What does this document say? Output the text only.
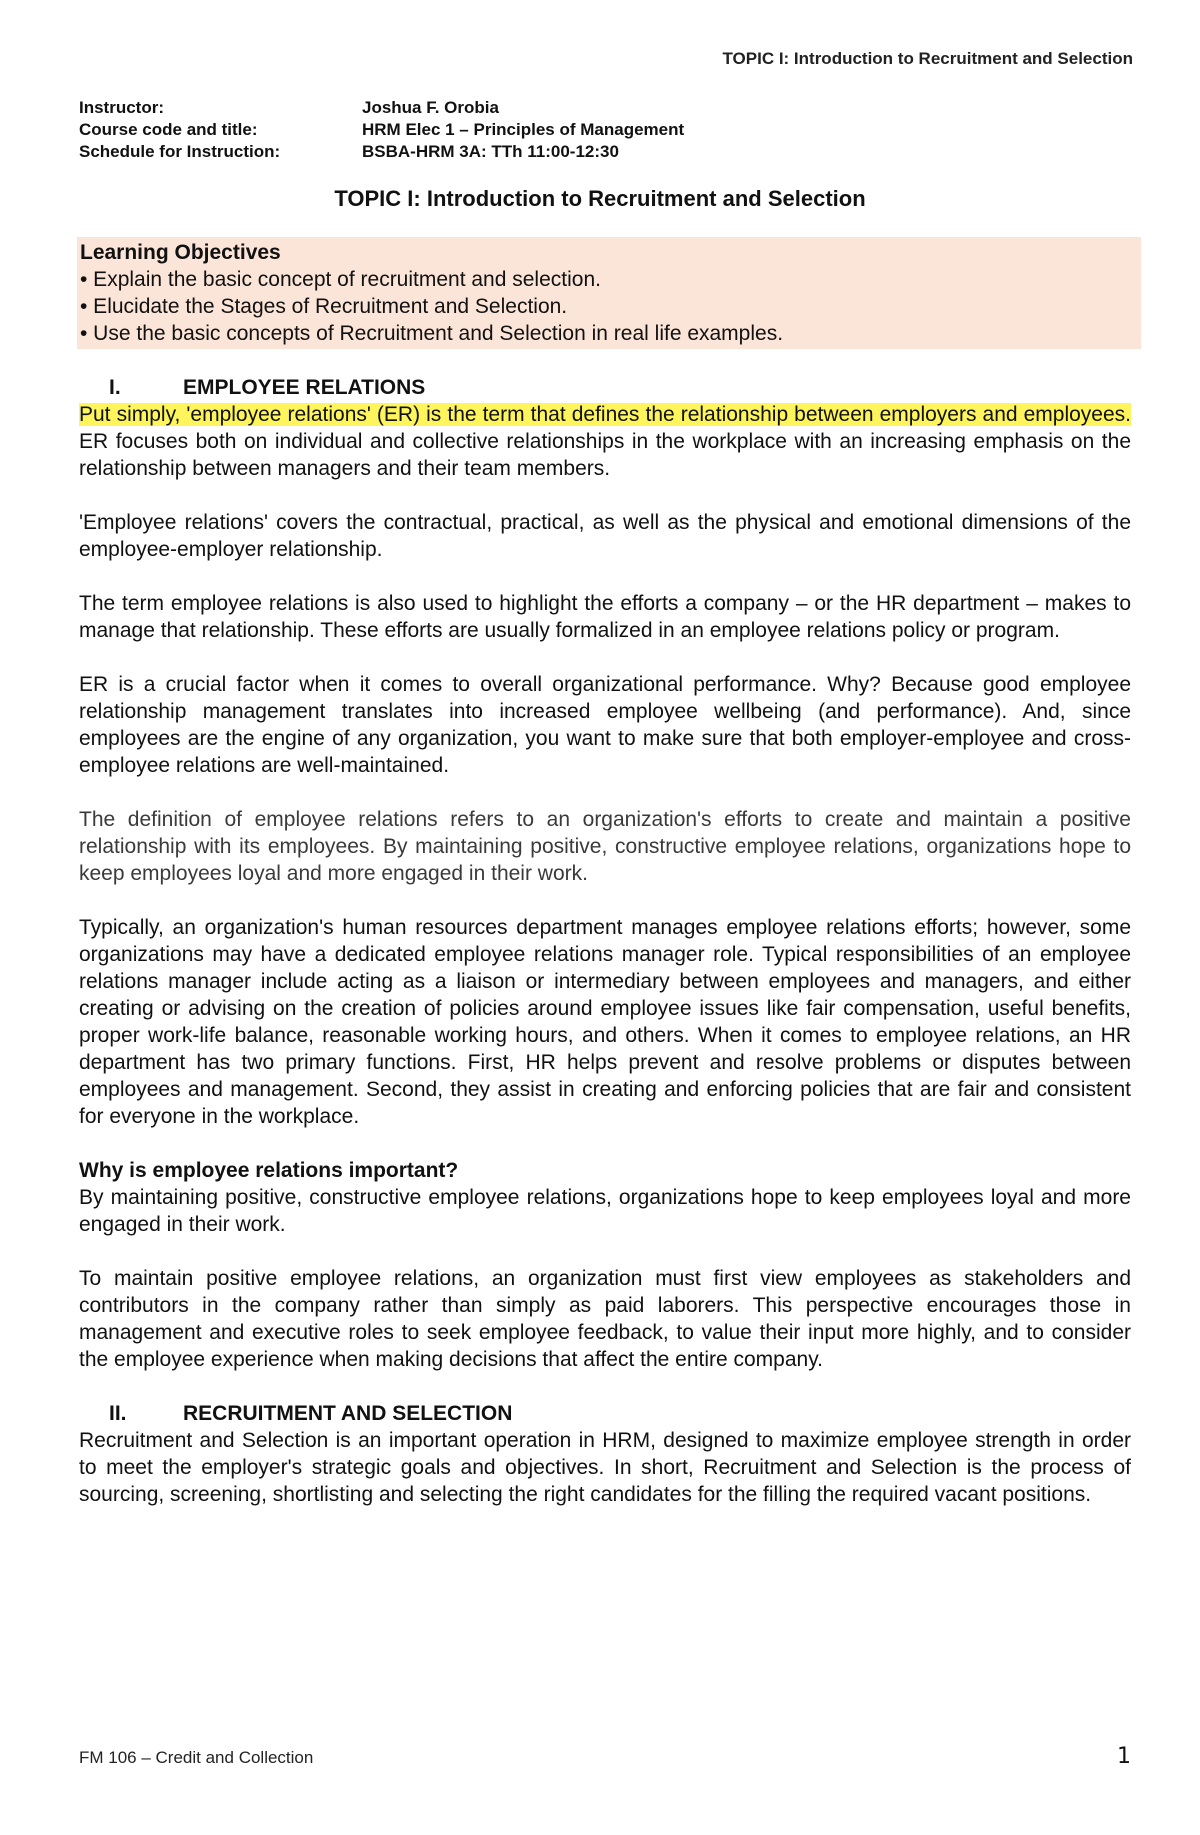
TOPIC I: Introduction to Recruitment and Selection
Instructor:	Joshua F. Orobia
Course code and title:	HRM Elec 1 – Principles of Management
Schedule for Instruction:	BSBA-HRM 3A: TTh 11:00-12:30
TOPIC I: Introduction to Recruitment and Selection
Learning Objectives
• Explain the basic concept of recruitment and selection.
• Elucidate the Stages of Recruitment and Selection.
• Use the basic concepts of Recruitment and Selection in real life examples.
I.	EMPLOYEE RELATIONS

Put simply, 'employee relations' (ER) is the term that defines the relationship between employers and employees. ER focuses both on individual and collective relationships in the workplace with an increasing emphasis on the relationship between managers and their team members.

'Employee relations' covers the contractual, practical, as well as the physical and emotional dimensions of the employee-employer relationship.

The term employee relations is also used to highlight the efforts a company – or the HR department – makes to manage that relationship. These efforts are usually formalized in an employee relations policy or program.

ER is a crucial factor when it comes to overall organizational performance. Why? Because good employee relationship management translates into increased employee wellbeing (and performance). And, since employees are the engine of any organization, you want to make sure that both employer-employee and cross-employee relations are well-maintained.

The definition of employee relations refers to an organization's efforts to create and maintain a positive relationship with its employees. By maintaining positive, constructive employee relations, organizations hope to keep employees loyal and more engaged in their work.

Typically, an organization's human resources department manages employee relations efforts; however, some organizations may have a dedicated employee relations manager role. Typical responsibilities of an employee relations manager include acting as a liaison or intermediary between employees and managers, and either creating or advising on the creation of policies around employee issues like fair compensation, useful benefits, proper work-life balance, reasonable working hours, and others. When it comes to employee relations, an HR department has two primary functions. First, HR helps prevent and resolve problems or disputes between employees and management. Second, they assist in creating and enforcing policies that are fair and consistent for everyone in the workplace.

Why is employee relations important?

By maintaining positive, constructive employee relations, organizations hope to keep employees loyal and more engaged in their work.

To maintain positive employee relations, an organization must first view employees as stakeholders and contributors in the company rather than simply as paid laborers. This perspective encourages those in management and executive roles to seek employee feedback, to value their input more highly, and to consider the employee experience when making decisions that affect the entire company.

II.	RECRUITMENT AND SELECTION

Recruitment and Selection is an important operation in HRM, designed to maximize employee strength in order to meet the employer's strategic goals and objectives. In short, Recruitment and Selection is the process of sourcing, screening, shortlisting and selecting the right candidates for the filling the required vacant positions.

FM 106 – Credit and Collection	1
